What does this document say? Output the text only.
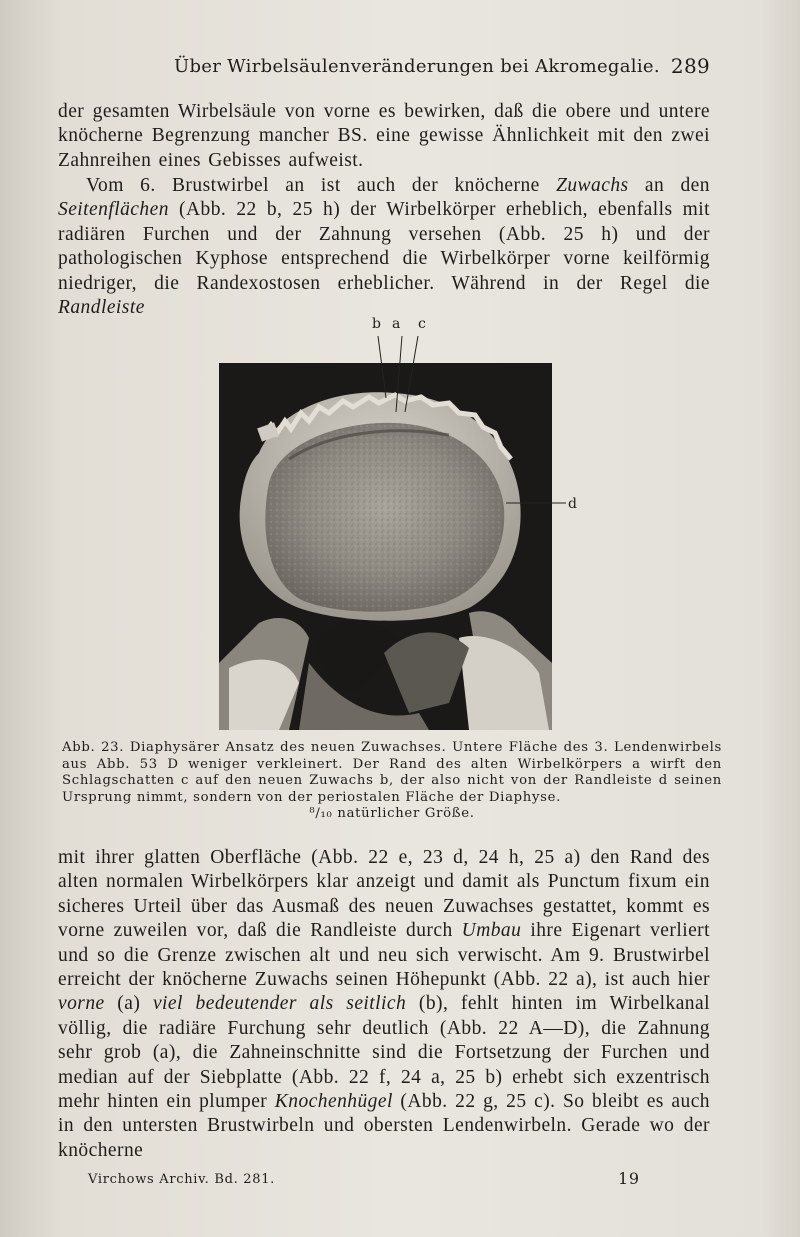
Über Wirbelsäulenveränderungen bei Akromegalie. 289
der gesamten Wirbelsäule von vorne es bewirken, daß die obere und untere knöcherne Begrenzung mancher BS. eine gewisse Ähnlichkeit mit den zwei Zahnreihen eines Gebisses aufweist.
Vom 6. Brustwirbel an ist auch der knöcherne Zuwachs an den Seitenflächen (Abb. 22 b, 25 h) der Wirbelkörper erheblich, ebenfalls mit radiären Furchen und der Zahnung versehen (Abb. 25 h) und der pathologischen Kyphose entsprechend die Wirbelkörper vorne keilförmig niedriger, die Randexostosen erheblicher. Während in der Regel die Randleiste
b a c
d
Abb. 23. Diaphysärer Ansatz des neuen Zuwachses. Untere Fläche des 3. Lendenwirbels aus Abb. 53 D weniger verkleinert. Der Rand des alten Wirbelkörpers a wirft den Schlagschatten c auf den neuen Zuwachs b, der also nicht von der Randleiste d seinen Ursprung nimmt, sondern von der periostalen Fläche der Diaphyse.
⁸/₁₀ natürlicher Größe.
mit ihrer glatten Oberfläche (Abb. 22 e, 23 d, 24 h, 25 a) den Rand des alten normalen Wirbelkörpers klar anzeigt und damit als Punctum fixum ein sicheres Urteil über das Ausmaß des neuen Zuwachses gestattet, kommt es vorne zuweilen vor, daß die Randleiste durch Umbau ihre Eigenart verliert und so die Grenze zwischen alt und neu sich verwischt. Am 9. Brustwirbel erreicht der knöcherne Zuwachs seinen Höhepunkt (Abb. 22 a), ist auch hier vorne (a) viel bedeutender als seitlich (b), fehlt hinten im Wirbelkanal völlig, die radiäre Furchung sehr deutlich (Abb. 22 A—D), die Zahnung sehr grob (a), die Zahneinschnitte sind die Fortsetzung der Furchen und median auf der Siebplatte (Abb. 22 f, 24 a, 25 b) erhebt sich exzentrisch mehr hinten ein plumper Knochenhügel (Abb. 22 g, 25 c). So bleibt es auch in den untersten Brustwirbeln und obersten Lendenwirbeln. Gerade wo der knöcherne
Virchows Archiv. Bd. 281.	19
